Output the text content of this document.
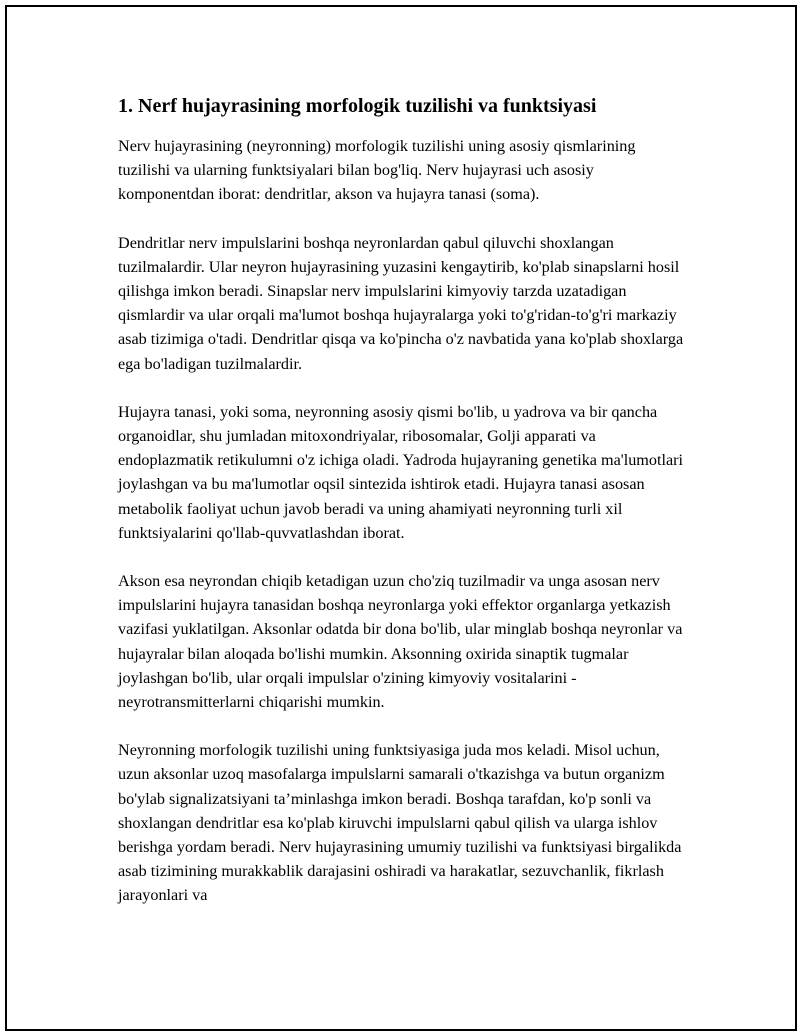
1. Nerf hujayrasining morfologik tuzilishi va funktsiyasi

Nerv hujayrasining (neyronning) morfologik tuzilishi uning asosiy qismlarining tuzilishi va ularning funktsiyalari bilan bog'liq. Nerv hujayrasi uch asosiy komponentdan iborat: dendritlar, akson va hujayra tanasi (soma).

Dendritlar nerv impulslarini boshqa neyronlardan qabul qiluvchi shoxlangan tuzilmalardir. Ular neyron hujayrasining yuzasini kengaytirib, ko'plab sinapslarni hosil qilishga imkon beradi. Sinapslar nerv impulslarini kimyoviy tarzda uzatadigan qismlardir va ular orqali ma'lumot boshqa hujayralarga yoki to'g'ridan-to'g'ri markaziy asab tizimiga o'tadi. Dendritlar qisqa va ko'pincha o'z navbatida yana ko'plab shoxlarga ega bo'ladigan tuzilmalardir.

Hujayra tanasi, yoki soma, neyronning asosiy qismi bo'lib, u yadrova va bir qancha organoidlar, shu jumladan mitoxondriyalar, ribosomalar, Golji apparati va endoplazmatik retikulumni o'z ichiga oladi. Yadroda hujayraning genetika ma'lumotlari joylashgan va bu ma'lumotlar oqsil sintezida ishtirok etadi. Hujayra tanasi asosan metabolik faoliyat uchun javob beradi va uning ahamiyati neyronning turli xil funktsiyalarini qo'llab-quvvatlashdan iborat.

Akson esa neyrondan chiqib ketadigan uzun cho'ziq tuzilmadir va unga asosan nerv impulslarini hujayra tanasidan boshqa neyronlarga yoki effektor organlarga yetkazish vazifasi yuklatilgan. Aksonlar odatda bir dona bo'lib, ular minglab boshqa neyronlar va hujayralar bilan aloqada bo'lishi mumkin. Aksonning oxirida sinaptik tugmalar joylashgan bo'lib, ular orqali impulslar o'zining kimyoviy vositalarini - neyrotransmitterlarni chiqarishi mumkin.

Neyronning morfologik tuzilishi uning funktsiyasiga juda mos keladi. Misol uchun, uzun aksonlar uzoq masofalarga impulslarni samarali o'tkazishga va butun organizm bo'ylab signalizatsiyani ta’minlashga imkon beradi. Boshqa tarafdan, ko'p sonli va shoxlangan dendritlar esa ko'plab kiruvchi impulslarni qabul qilish va ularga ishlov berishga yordam beradi. Nerv hujayrasining umumiy tuzilishi va funktsiyasi birgalikda asab tizimining murakkablik darajasini oshiradi va harakatlar, sezuvchanlik, fikrlash jarayonlari va
